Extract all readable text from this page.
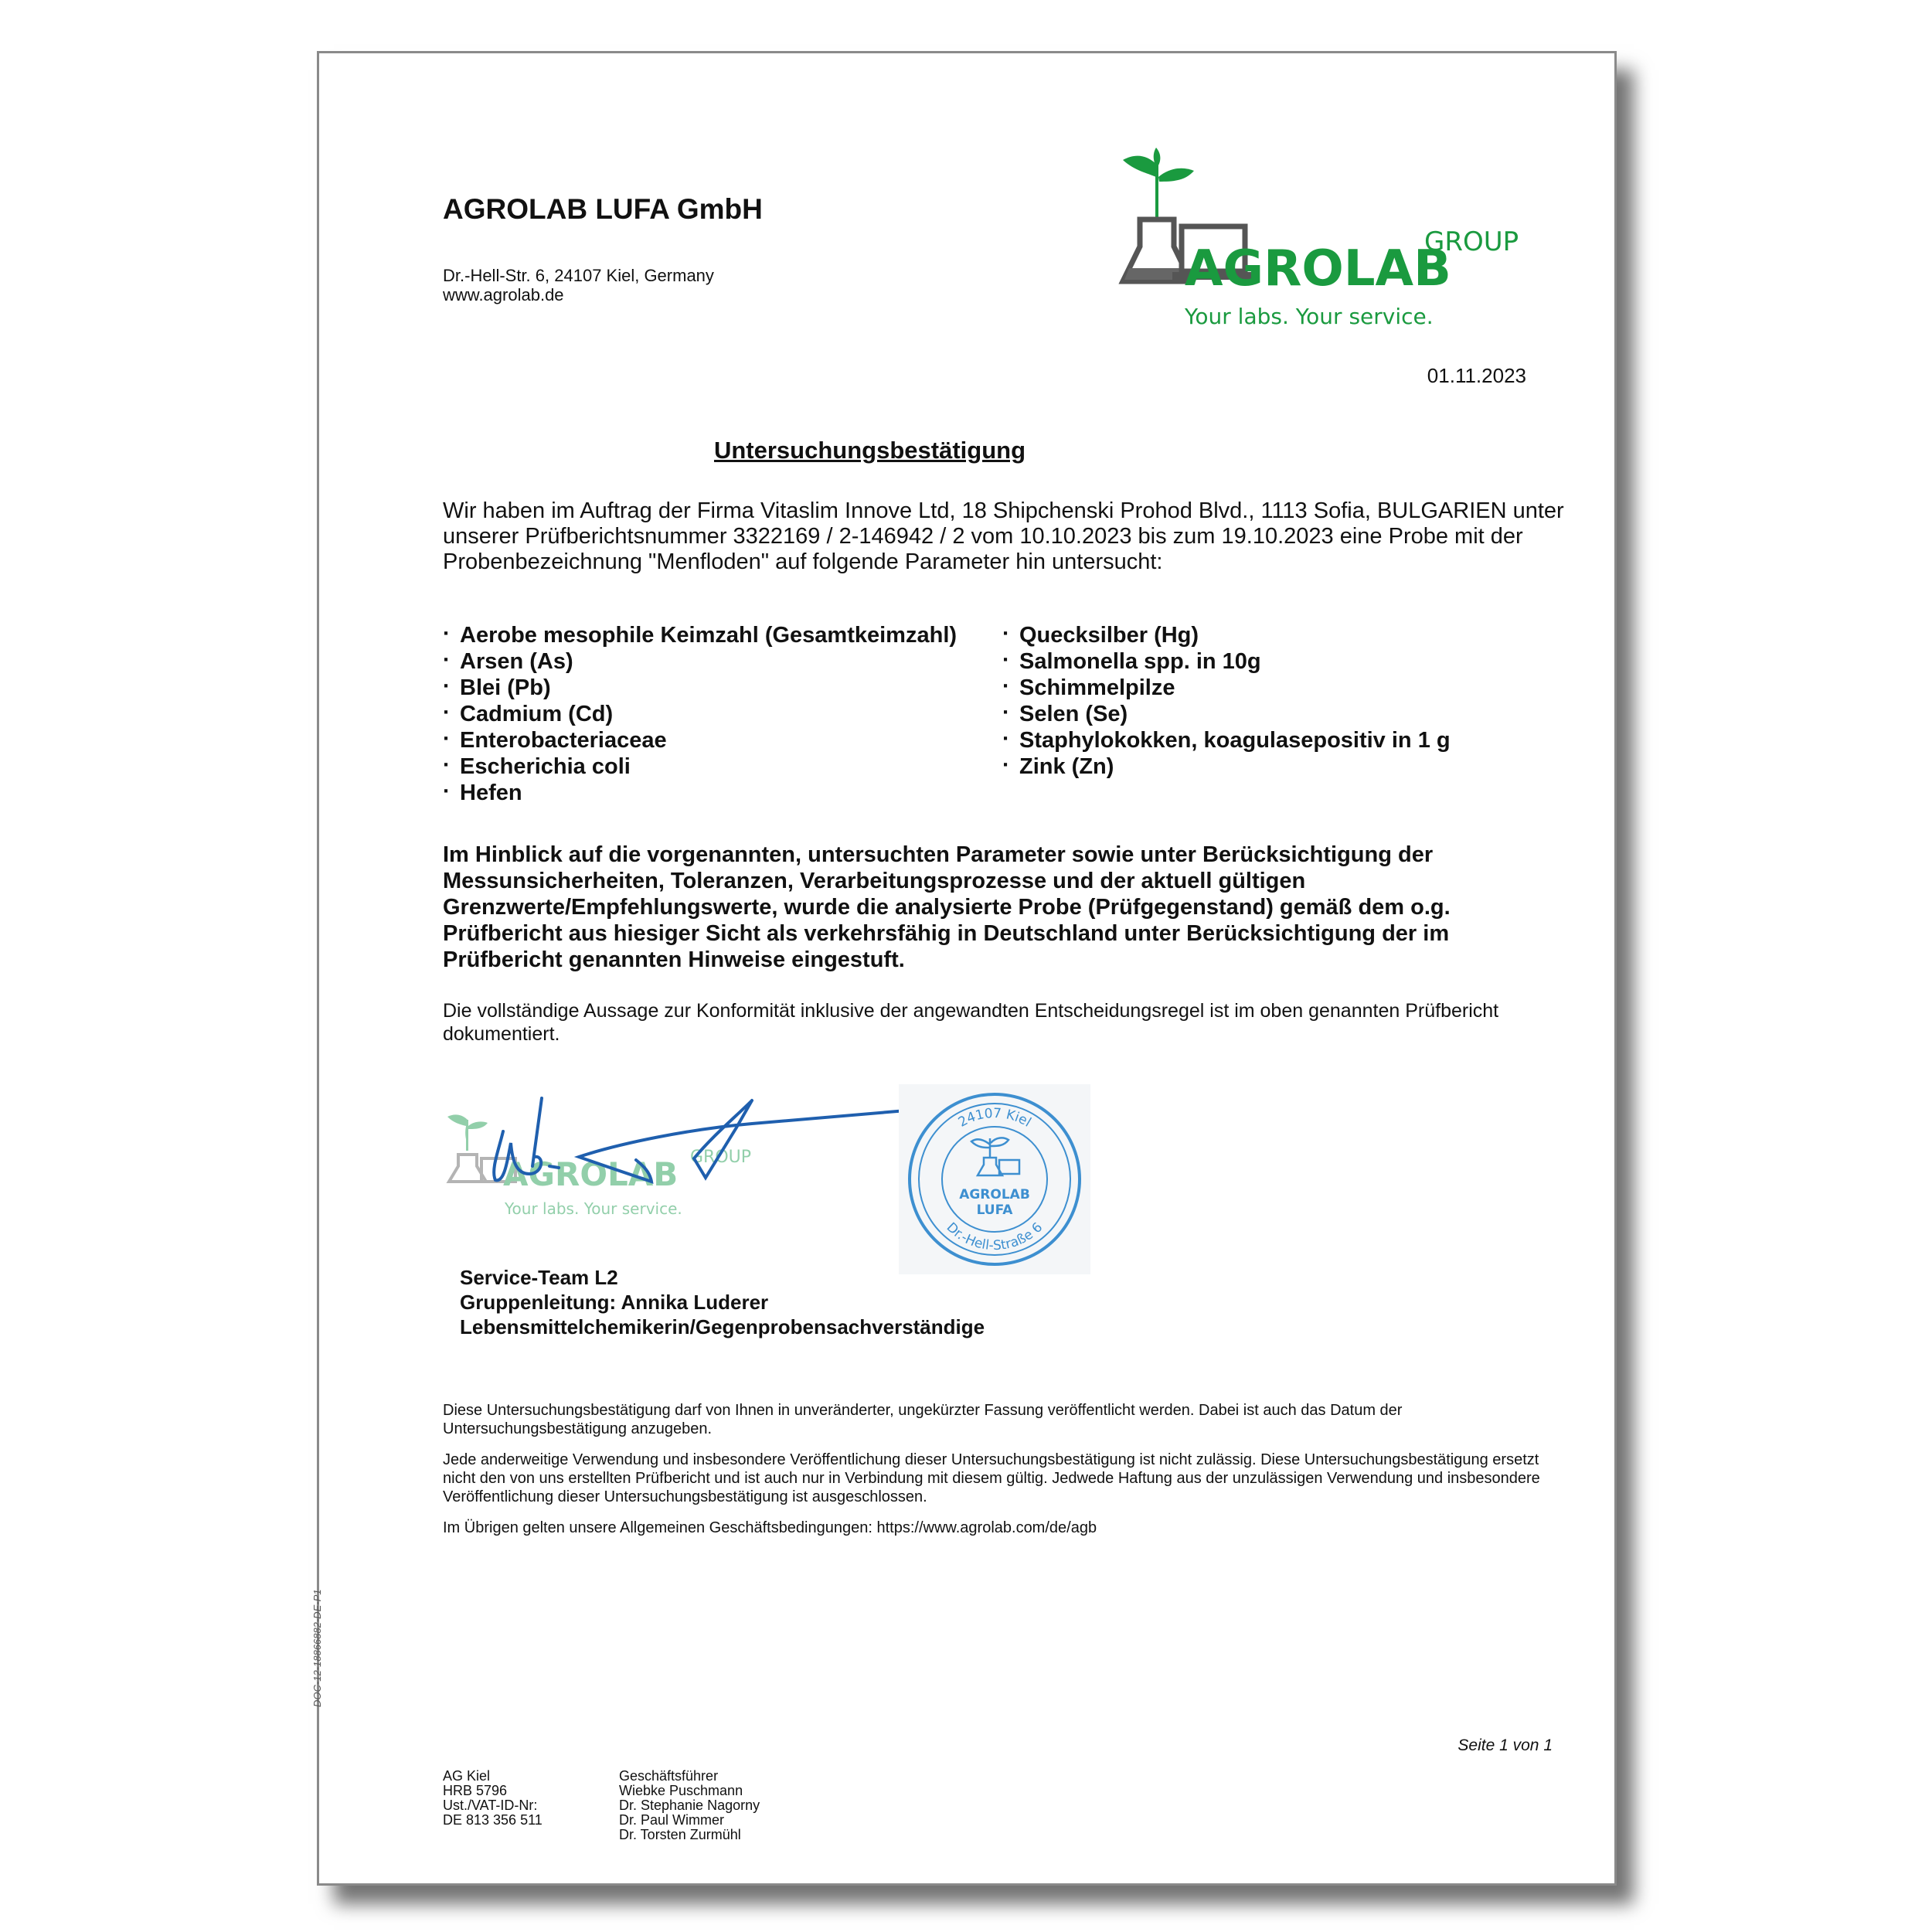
AGROLAB LUFA GmbH
Dr.-Hell-Str. 6, 24107 Kiel, Germany
www.agrolab.de	AGROLAB
GROUP
Your labs. Your service.
01.11.2023
Untersuchungsbestätigung
Wir haben im Auftrag der Firma Vitaslim Innove Ltd, 18 Shipchenski Prohod Blvd., 1113 Sofia, BULGARIEN unter unserer Prüfberichtsnummer 3322169 / 2-146942 / 2 vom 10.10.2023 bis zum 19.10.2023 eine Probe mit der Probenbezeichnung "Menfloden" auf folgende Parameter hin untersucht:
· Aerobe mesophile Keimzahl (Gesamtkeimzahl)
· Arsen (As)
· Blei (Pb)
· Cadmium (Cd)
· Enterobacteriaceae
· Escherichia coli
· Hefen
· Quecksilber (Hg)
· Salmonella spp. in 10g
· Schimmelpilze
· Selen (Se)
· Staphylokokken, koagulasepositiv in 1 g
· Zink (Zn)
Im Hinblick auf die vorgenannten, untersuchten Parameter sowie unter Berücksichtigung der Messunsicherheiten, Toleranzen, Verarbeitungsprozesse und der aktuell gültigen Grenzwerte/Empfehlungswerte, wurde die analysierte Probe (Prüfgegenstand) gemäß dem o.g. Prüfbericht aus hiesiger Sicht als verkehrsfähig in Deutschland unter Berücksichtigung der im Prüfbericht genannten Hinweise eingestuft.
Die vollständige Aussage zur Konformität inklusive der angewandten Entscheidungsregel ist im oben genannten Prüfbericht dokumentiert.
AGROLAB GROUP
Your labs. Your service.
24107 Kiel
Dr.-Hell-Straße 6
AGROLAB
LUFA
Service-Team L2
Gruppenleitung: Annika Luderer
Lebensmittelchemikerin/Gegenprobensachverständige

Diese Untersuchungsbestätigung darf von Ihnen in unveränderter, ungekürzter Fassung veröffentlicht werden. Dabei ist auch das Datum der Untersuchungsbestätigung anzugeben.

Jede anderweitige Verwendung und insbesondere Veröffentlichung dieser Untersuchungsbestätigung ist nicht zulässig. Diese Untersuchungsbestätigung ersetzt nicht den von uns erstellten Prüfbericht und ist auch nur in Verbindung mit diesem gültig. Jedwede Haftung aus der unzulässigen Verwendung und insbesondere Veröffentlichung dieser Untersuchungsbestätigung ist ausgeschlossen.

Im Übrigen gelten unsere Allgemeinen Geschäftsbedingungen: https://www.agrolab.com/de/agb

DOC-12-18866882-DE-P1
Seite 1 von 1
AG Kiel
HRB 5796
Ust./VAT-ID-Nr:
DE 813 356 511
Geschäftsführer
Wiebke Puschmann
Dr. Stephanie Nagorny
Dr. Paul Wimmer
Dr. Torsten Zurmühl
